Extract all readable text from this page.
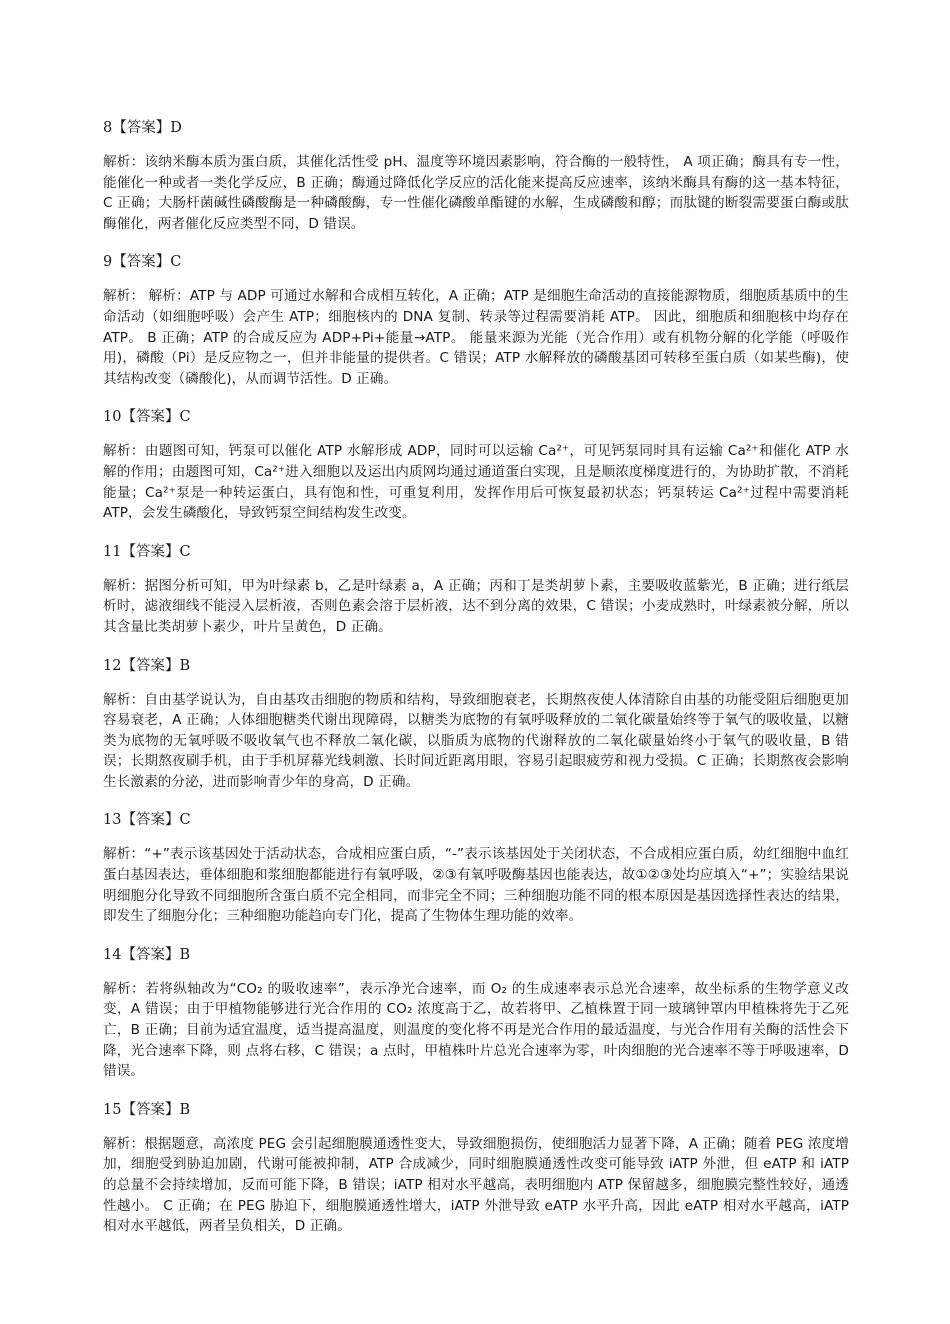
8【答案】D

解析：该纳米酶本质为蛋白质，其催化活性受 pH、温度等环境因素影响，符合酶的一般特性， A 项正确；酶具有专一性，能催化一种或者一类化学反应，B 正确；酶通过降低化学反应的活化能来提高反应速率，该纳米酶具有酶的这一基本特征，C 正确；大肠杆菌碱性磷酸酶是一种磷酸酶，专一性催化磷酸单酯键的水解，生成磷酸和醇；而肽键的断裂需要蛋白酶或肽酶催化，两者催化反应类型不同，D 错误。

9【答案】C

解析： 解析：ATP 与 ADP 可通过水解和合成相互转化，A 正确；ATP 是细胞生命活动的直接能源物质，细胞质基质中的生命活动（如细胞呼吸）会产生 ATP；细胞核内的 DNA 复制、转录等过程需要消耗 ATP。 因此，细胞质和细胞核中均存在 ATP。 B 正确；ATP 的合成反应为 ADP+Pi+能量→ATP。 能量来源为光能（光合作用）或有机物分解的化学能（呼吸作用)，磷酸（Pi）是反应物之一，但并非能量的提供者。C 错误；ATP 水解释放的磷酸基团可转移至蛋白质（如某些酶)，使其结构改变（磷酸化)，从而调节活性。D 正确。

10【答案】C

解析：由题图可知，钙泵可以催化 ATP 水解形成 ADP，同时可以运输 Ca²⁺，可见钙泵同时具有运输 Ca²⁺和催化 ATP 水解的作用；由题图可知，Ca²⁺进入细胞以及运出内质网均通过通道蛋白实现，且是顺浓度梯度进行的，为协助扩散，不消耗能量；Ca²⁺泵是一种转运蛋白，具有饱和性，可重复利用，发挥作用后可恢复最初状态；钙泵转运 Ca²⁺过程中需要消耗 ATP，会发生磷酸化，导致钙泵空间结构发生改变。

11【答案】C

解析：据图分析可知，甲为叶绿素 b，乙是叶绿素 a，A 正确；丙和丁是类胡萝卜素，主要吸收蓝紫光，B 正确；进行纸层析时，滤液细线不能浸入层析液，否则色素会溶于层析液，达不到分离的效果，C 错误；小麦成熟时，叶绿素被分解，所以其含量比类胡萝卜素少，叶片呈黄色，D 正确。

12【答案】B

解析：自由基学说认为，自由基攻击细胞的物质和结构，导致细胞衰老，长期熬夜使人体清除自由基的功能受阻后细胞更加容易衰老，A 正确；人体细胞糖类代谢出现障碍，以糖类为底物的有氧呼吸释放的二氧化碳量始终等于氧气的吸收量，以糖类为底物的无氧呼吸不吸收氧气也不释放二氧化碳，以脂质为底物的代谢释放的二氧化碳量始终小于氧气的吸收量，B 错误；长期熬夜刷手机，由于手机屏幕光线刺激、长时间近距离用眼，容易引起眼疲劳和视力受损。C 正确；长期熬夜会影响生长激素的分泌，进而影响青少年的身高，D 正确。

13【答案】C

解析：“+”表示该基因处于活动状态，合成相应蛋白质，“-”表示该基因处于关闭状态，不合成相应蛋白质，幼红细胞中血红蛋白基因表达，垂体细胞和浆细胞都能进行有氧呼吸，②③有氧呼吸酶基因也能表达，故①②③处均应填入“+”；实验结果说明细胞分化导致不同细胞所含蛋白质不完全相同，而非完全不同；三种细胞功能不同的根本原因是基因选择性表达的结果，即发生了细胞分化；三种细胞功能趋向专门化，提高了生物体生理功能的效率。

14【答案】B

解析：若将纵轴改为“CO₂ 的吸收速率”，表示净光合速率，而 O₂ 的生成速率表示总光合速率，故坐标系的生物学意义改变，A 错误；由于甲植物能够进行光合作用的 CO₂ 浓度高于乙，故若将甲、乙植株置于同一玻璃钟罩内甲植株将先于乙死亡，B 正确；目前为适宜温度，适当提高温度，则温度的变化将不再是光合作用的最适温度，与光合作用有关酶的活性会下降，光合速率下降，则 点将右移，C 错误；a 点时，甲植株叶片总光合速率为零，叶肉细胞的光合速率不等于呼吸速率，D 错误。

15【答案】B

解析：根据题意，高浓度 PEG 会引起细胞膜通透性变大，导致细胞损伤，使细胞活力显著下降，A 正确；随着 PEG 浓度增加，细胞受到胁迫加剧，代谢可能被抑制，ATP 合成减少，同时细胞膜通透性改变可能导致 iATP 外泄，但 eATP 和 iATP 的总量不会持续增加，反而可能下降，B 错误；iATP 相对水平越高，表明细胞内 ATP 保留越多，细胞膜完整性较好，通透性越小。 C 正确；在 PEG 胁迫下，细胞膜通透性增大，iATP 外泄导致 eATP 水平升高，因此 eATP 相对水平越高，iATP 相对水平越低，两者呈负相关，D 正确。
